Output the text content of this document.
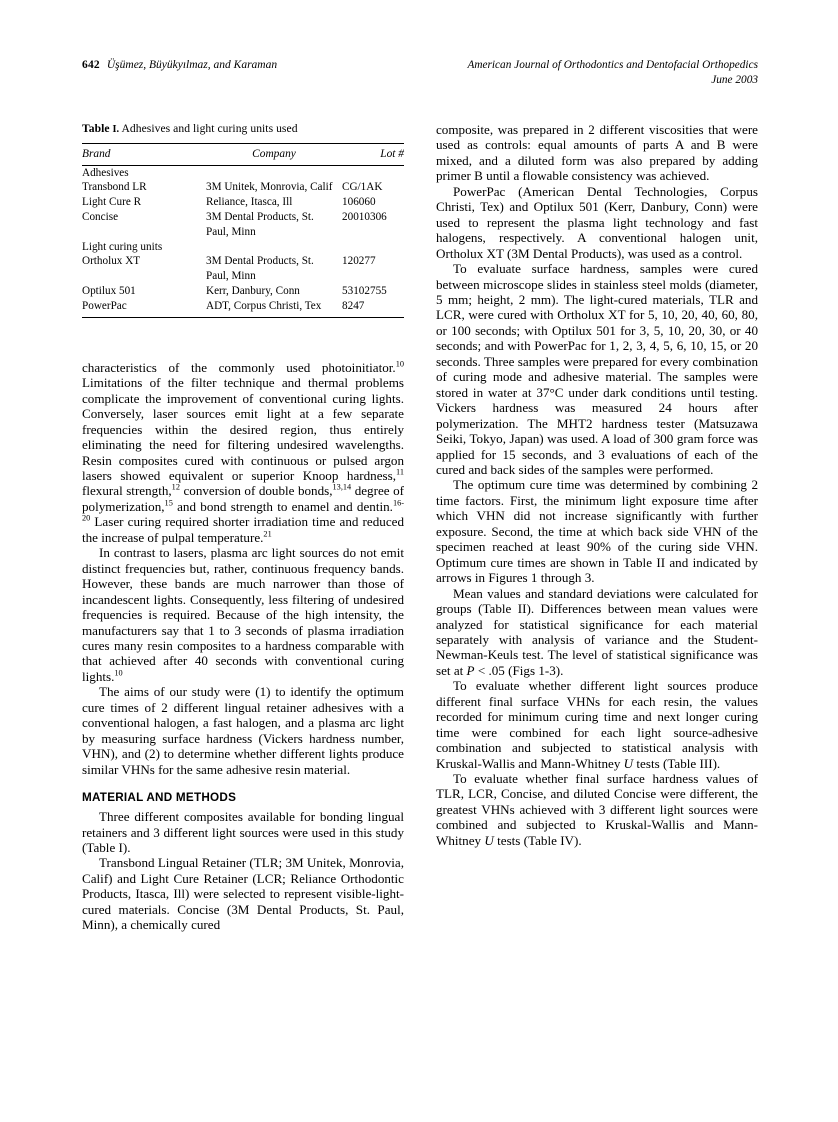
642 Üşümez, Büyükyılmaz, and Karaman	American Journal of Orthodontics and Dentofacial Orthopedics
June 2003
Table I. Adhesives and light curing units used
Brand	Company	Lot #
Adhesives		
Transbond LR	3M Unitek, Monrovia, Calif	CG/1AK
Light Cure R	Reliance, Itasca, Ill	106060
Concise	3M Dental Products, St.	20010306
	Paul, Minn	
Light curing units		
Ortholux XT	3M Dental Products, St.	120277
	Paul, Minn	
Optilux 501	Kerr, Danbury, Conn	53102755
PowerPac	ADT, Corpus Christi, Tex	8247

characteristics of the commonly used photoinitiator.$^{10}$ Limitations of the filter technique and thermal problems complicate the improvement of conventional curing lights. Conversely, laser sources emit light at a few separate frequencies within the desired region, thus entirely eliminating the need for filtering undesired wavelengths. Resin composites cured with continuous or pulsed argon lasers showed equivalent or superior Knoop hardness,$^{11}$ flexural strength,$^{12}$ conversion of double bonds,$^{13,14}$ degree of polymerization,$^{15}$ and bond strength to enamel and dentin.$^{16-20}$ Laser curing required shorter irradiation time and reduced the increase of pulpal temperature.$^{21}$

In contrast to lasers, plasma arc light sources do not emit distinct frequencies but, rather, continuous frequency bands. However, these bands are much narrower than those of incandescent lights. Consequently, less filtering of undesired frequencies is required. Because of the high intensity, the manufacturers say that 1 to 3 seconds of plasma irradiation cures many resin composites to a hardness comparable with that achieved after 40 seconds with conventional curing lights.$^{10}$

The aims of our study were (1) to identify the optimum cure times of 2 different lingual retainer adhesives with a conventional halogen, a fast halogen, and a plasma arc light by measuring surface hardness (Vickers hardness number, VHN), and (2) to determine whether different lights produce similar VHNs for the same adhesive resin material.

MATERIAL AND METHODS

Three different composites available for bonding lingual retainers and 3 different light sources were used in this study (Table I).

Transbond Lingual Retainer (TLR; 3M Unitek, Monrovia, Calif) and Light Cure Retainer (LCR; Reliance Orthodontic Products, Itasca, Ill) were selected to represent visible-light-cured materials. Concise (3M Dental Products, St. Paul, Minn), a chemically cured

composite, was prepared in 2 different viscosities that were used as controls: equal amounts of parts A and B were mixed, and a diluted form was also prepared by adding primer B until a flowable consistency was achieved.

PowerPac (American Dental Technologies, Corpus Christi, Tex) and Optilux 501 (Kerr, Danbury, Conn) were used to represent the plasma light technology and fast halogens, respectively. A conventional halogen unit, Ortholux XT (3M Dental Products), was used as a control.

To evaluate surface hardness, samples were cured between microscope slides in stainless steel molds (diameter, 5 mm; height, 2 mm). The light-cured materials, TLR and LCR, were cured with Ortholux XT for 5, 10, 20, 40, 60, 80, or 100 seconds; with Optilux 501 for 3, 5, 10, 20, 30, or 40 seconds; and with PowerPac for 1, 2, 3, 4, 5, 6, 10, 15, or 20 seconds. Three samples were prepared for every combination of curing mode and adhesive material. The samples were stored in water at 37°C under dark conditions until testing. Vickers hardness was measured 24 hours after polymerization. The MHT2 hardness tester (Matsuzawa Seiki, Tokyo, Japan) was used. A load of 300 gram force was applied for 15 seconds, and 3 evaluations of each of the cured and back sides of the samples were performed.

The optimum cure time was determined by combining 2 time factors. First, the minimum light exposure time after which VHN did not increase significantly with further exposure. Second, the time at which back side VHN of the specimen reached at least 90% of the curing side VHN. Optimum cure times are shown in Table II and indicated by arrows in Figures 1 through 3.

Mean values and standard deviations were calculated for groups (Table II). Differences between mean values were analyzed for statistical significance for each material separately with analysis of variance and the Student-Newman-Keuls test. The level of statistical significance was set at P < .05 (Figs 1-3).

To evaluate whether different light sources produce different final surface VHNs for each resin, the values recorded for minimum curing time and next longer curing time were combined for each light source-adhesive combination and subjected to statistical analysis with Kruskal-Wallis and Mann-Whitney U tests (Table III).

To evaluate whether final surface hardness values of TLR, LCR, Concise, and diluted Concise were different, the greatest VHNs achieved with 3 different light sources were combined and subjected to Kruskal-Wallis and Mann-Whitney U tests (Table IV).
